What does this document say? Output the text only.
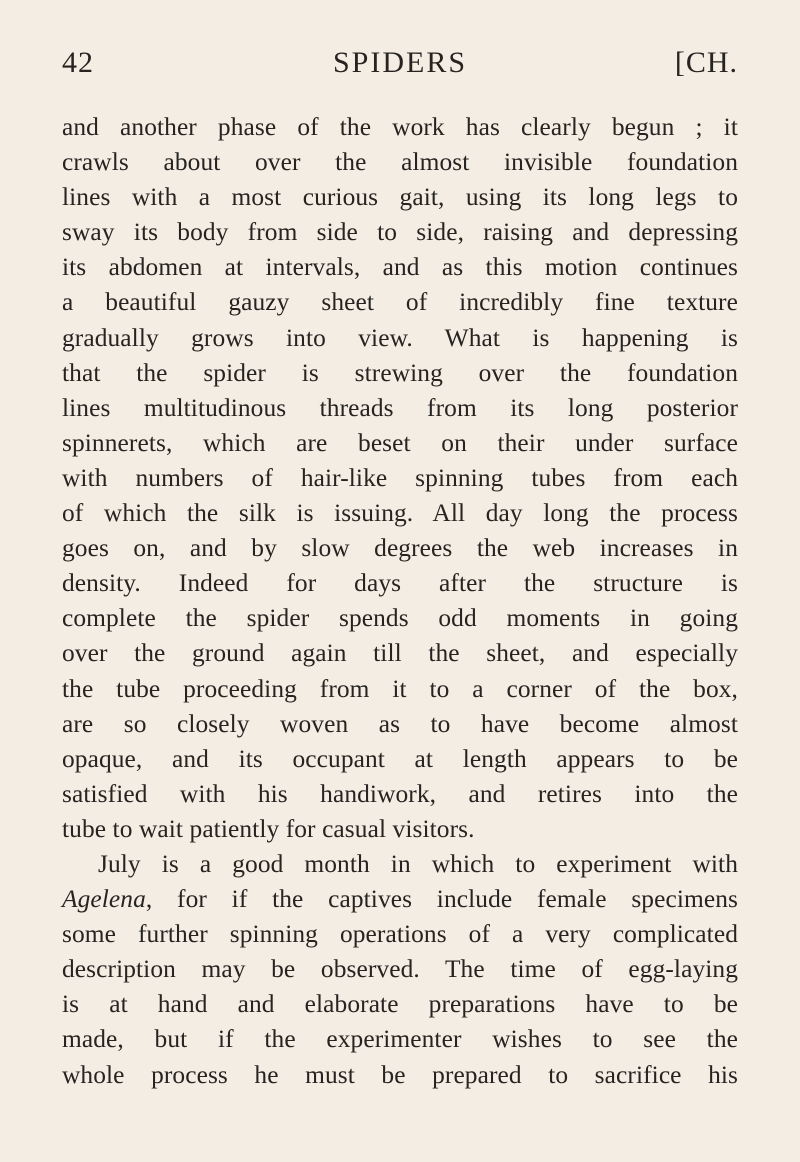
42	SPIDERS	[CH.
and another phase of the work has clearly begun ; it
crawls about over the almost invisible foundation
lines with a most curious gait, using its long legs to
sway its body from side to side, raising and depressing
its abdomen at intervals, and as this motion continues
a beautiful gauzy sheet of incredibly fine texture
gradually grows into view. What is happening is
that the spider is strewing over the foundation
lines multitudinous threads from its long posterior
spinnerets, which are beset on their under surface
with numbers of hair-like spinning tubes from each
of which the silk is issuing. All day long the process
goes on, and by slow degrees the web increases in
density. Indeed for days after the structure is
complete the spider spends odd moments in going
over the ground again till the sheet, and especially
the tube proceeding from it to a corner of the box,
are so closely woven as to have become almost
opaque, and its occupant at length appears to be
satisfied with his handiwork, and retires into the
tube to wait patiently for casual visitors.
July is a good month in which to experiment with
Agelena, for if the captives include female specimens
some further spinning operations of a very complicated
description may be observed. The time of egg-laying
is at hand and elaborate preparations have to be
made, but if the experimenter wishes to see the
whole process he must be prepared to sacrifice his
